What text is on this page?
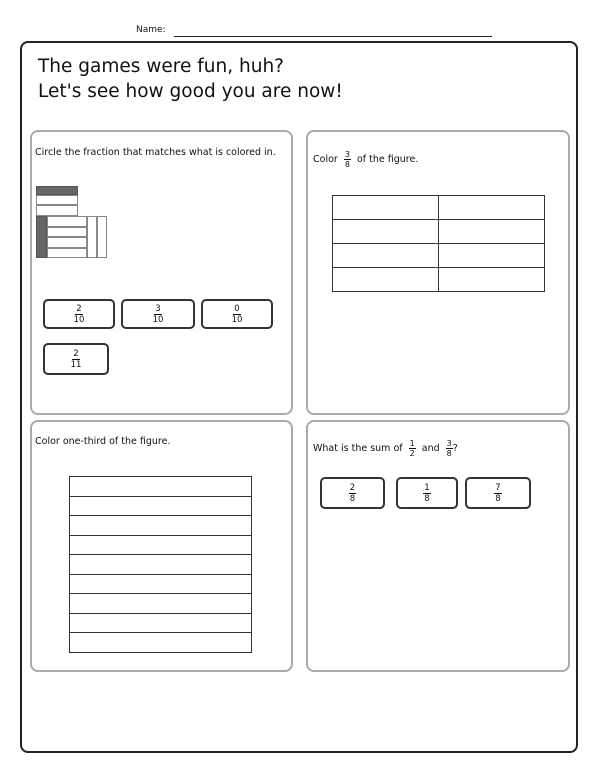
Name:
The games were fun, huh?
Let's see how good you are now!
Circle the fraction that matches what is colored in.
$\frac{2}{10}$	$\frac{3}{10}$	$\frac{0}{10}$
$\frac{2}{11}$
Color $\frac{3}{8}$ of the figure.

Color one-third of the figure.

What is the sum of $\frac{1}{2}$ and $\frac{3}{8}$ ?
$\frac{2}{8}$	$\frac{1}{8}$	$\frac{7}{8}$
